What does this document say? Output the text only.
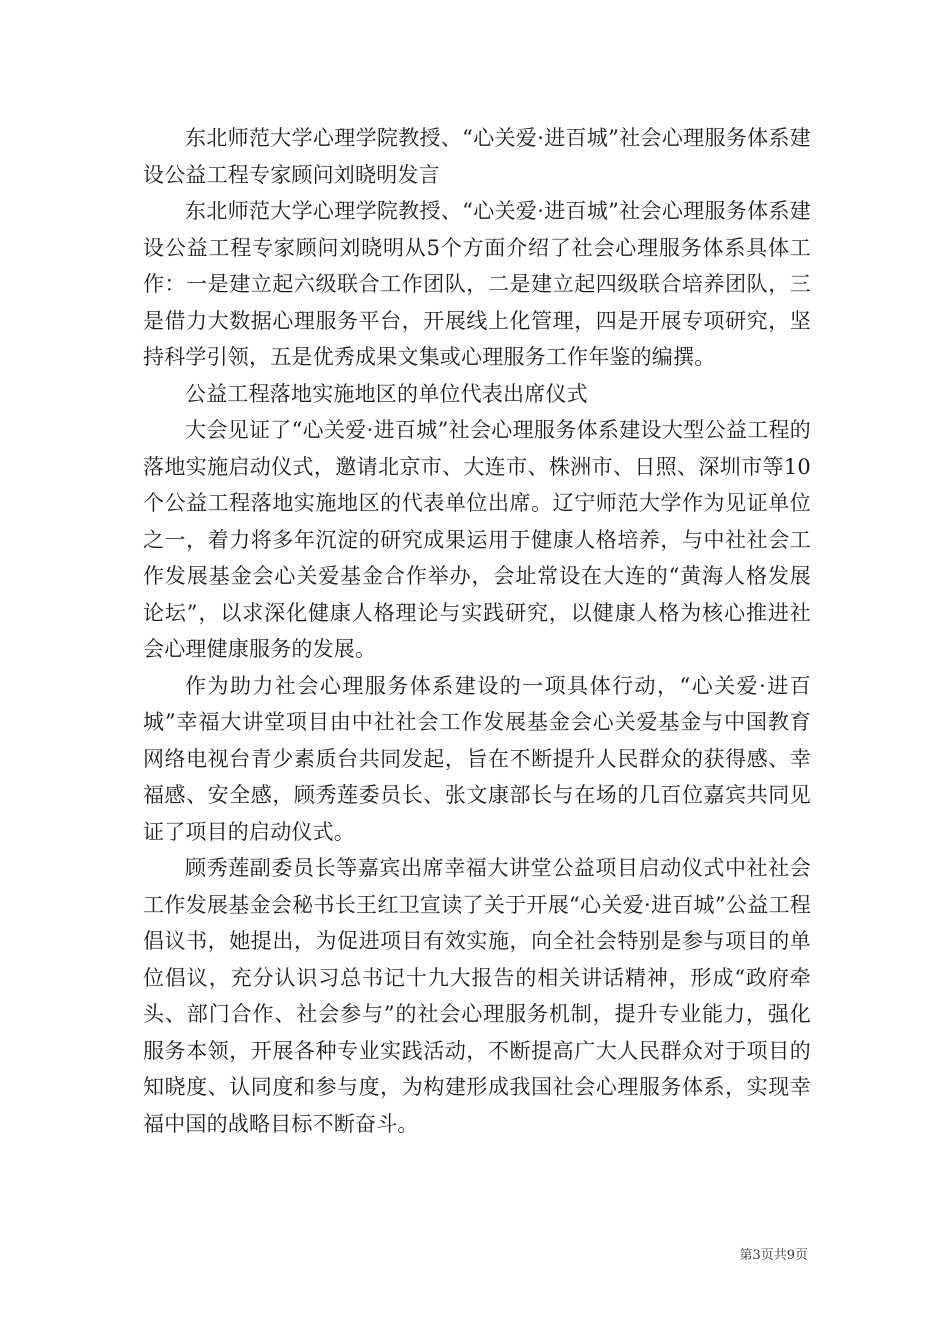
东北师范大学心理学院教授、“心关爱·进百城”社会心理服务体系建设公益工程专家顾问刘晓明发言

东北师范大学心理学院教授、“心关爱·进百城”社会心理服务体系建设公益工程专家顾问刘晓明从5个方面介绍了社会心理服务体系具体工作：一是建立起六级联合工作团队，二是建立起四级联合培养团队，三是借力大数据心理服务平台，开展线上化管理，四是开展专项研究，坚持科学引领，五是优秀成果文集或心理服务工作年鉴的编撰。

公益工程落地实施地区的单位代表出席仪式

大会见证了“心关爱·进百城”社会心理服务体系建设大型公益工程的落地实施启动仪式，邀请北京市、大连市、株洲市、日照、深圳市等10个公益工程落地实施地区的代表单位出席。辽宁师范大学作为见证单位之一，着力将多年沉淀的研究成果运用于健康人格培养，与中社社会工作发展基金会心关爱基金合作举办，会址常设在大连的“黄海人格发展论坛”，以求深化健康人格理论与实践研究，以健康人格为核心推进社会心理健康服务的发展。

作为助力社会心理服务体系建设的一项具体行动，“心关爱·进百城”幸福大讲堂项目由中社社会工作发展基金会心关爱基金与中国教育网络电视台青少素质台共同发起，旨在不断提升人民群众的获得感、幸福感、安全感，顾秀莲委员长、张文康部长与在场的几百位嘉宾共同见证了项目的启动仪式。

顾秀莲副委员长等嘉宾出席幸福大讲堂公益项目启动仪式中社社会工作发展基金会秘书长王红卫宣读了关于开展“心关爱·进百城”公益工程倡议书，她提出，为促进项目有效实施，向全社会特别是参与项目的单位倡议，充分认识习总书记十九大报告的相关讲话精神，形成“政府牵头、部门合作、社会参与”的社会心理服务机制，提升专业能力，强化服务本领，开展各种专业实践活动，不断提高广大人民群众对于项目的知晓度、认同度和参与度，为构建形成我国社会心理服务体系，实现幸福中国的战略目标不断奋斗。

第3页共9页
